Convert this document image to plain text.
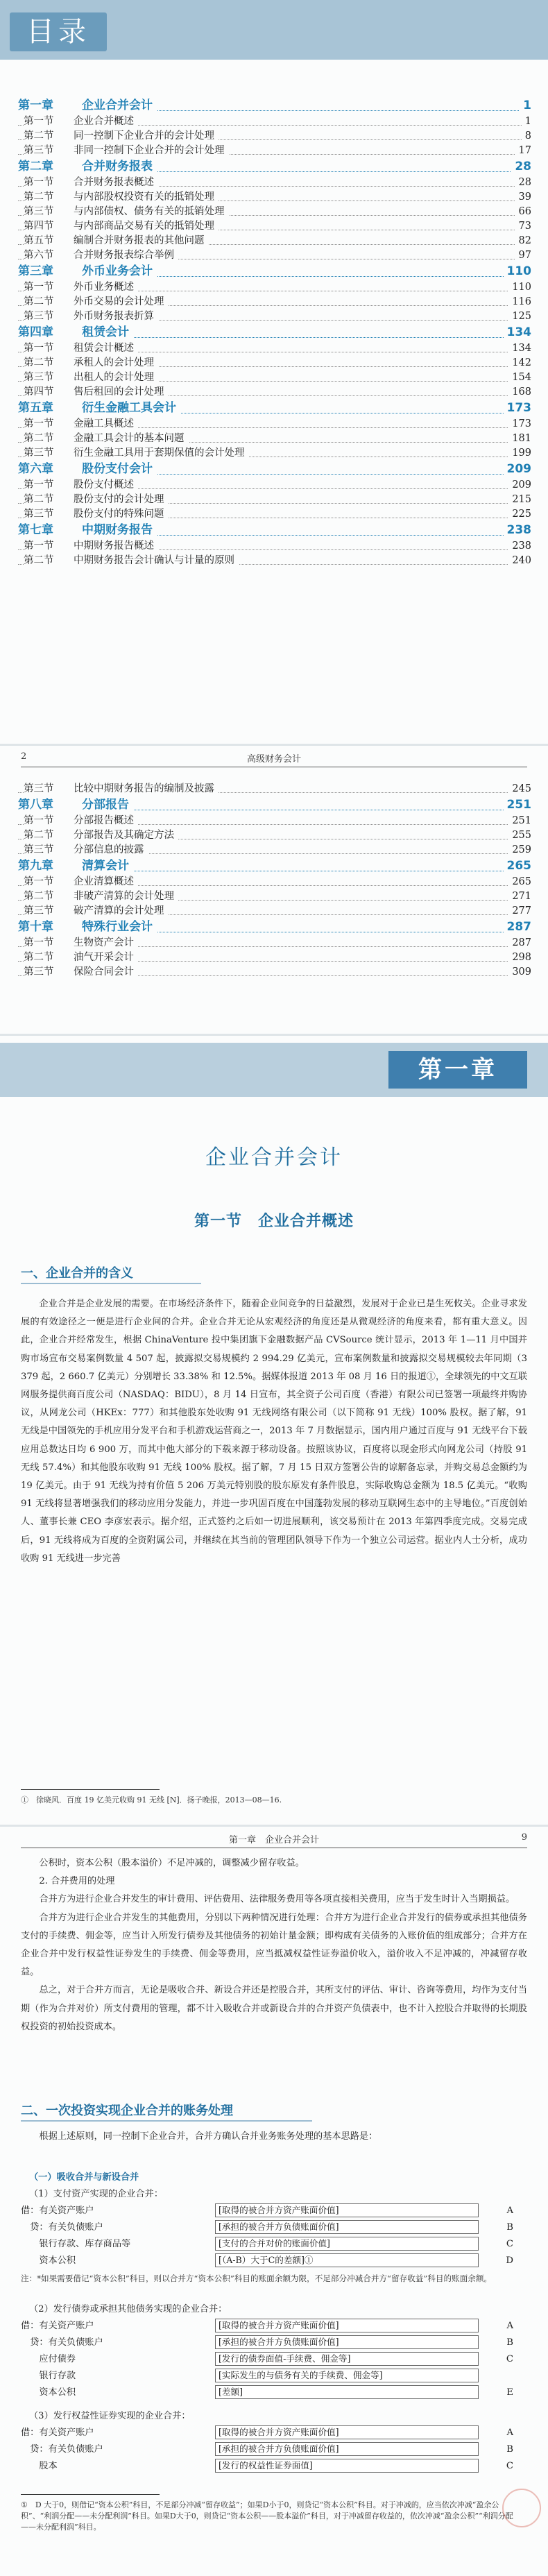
目录
第一章 企业合并会计	1
第一节 企业合并概述	1
第二节 同一控制下企业合并的会计处理	8
第三节 非同一控制下企业合并的会计处理	17
第二章 合并财务报表	28
第一节 合并财务报表概述	28
第二节 与内部股权投资有关的抵销处理	39
第三节 与内部债权、债务有关的抵销处理	66
第四节 与内部商品交易有关的抵销处理	73
第五节 编制合并财务报表的其他问题	82
第六节 合并财务报表综合举例	97
第三章 外币业务会计	110
第一节 外币业务概述	110
第二节 外币交易的会计处理	116
第三节 外币财务报表折算	125
第四章 租赁会计	134
第一节 租赁会计概述	134
第二节 承租人的会计处理	142
第三节 出租人的会计处理	154
第四节 售后租回的会计处理	168
第五章 衍生金融工具会计	173
第一节 金融工具概述	173
第二节 金融工具会计的基本问题	181
第三节 衍生金融工具用于套期保值的会计处理	199
第六章 股份支付会计	209
第一节 股份支付概述	209
第二节 股份支付的会计处理	215
第三节 股份支付的特殊问题	225
第七章 中期财务报告	238
第一节 中期财务报告概述	238
第二节 中期财务报告会计确认与计量的原则	240
2	高级财务会计
第三节 比较中期财务报告的编制及披露	245
第八章 分部报告	251
第一节 分部报告概述	251
第二节 分部报告及其确定方法	255
第三节 分部信息的披露	259
第九章 清算会计	265
第一节 企业清算概述	265
第二节 非破产清算的会计处理	271
第三节 破产清算的会计处理	277
第十章 特殊行业会计	287
第一节 生物资产会计	287
第二节 油气开采会计	298
第三节 保险合同会计	309
第一章
企业合并会计
第一节　企业合并概述
一、企业合并的含义

企业合并是企业发展的需要。在市场经济条件下，随着企业间竞争的日益激烈，发展对于企业已是生死攸关。企业寻求发展的有效途径之一便是进行企业间的合并。企业合并无论从宏观经济的角度还是从微观经济的角度来看，都有重大意义。因此，企业合并经常发生，根据 ChinaVenture 投中集团旗下金融数据产品 CVSource 统计显示，2013 年 1—11 月中国并购市场宣布交易案例数量 4 507 起，披露拟交易规模约 2 994.29 亿美元，宣布案例数量和披露拟交易规模较去年同期（3 379 起，2 660.7 亿美元）分别增长 33.38% 和 12.5%。据媒体报道 2013 年 08 月 16 日的报道①，全球领先的中文互联网服务提供商百度公司（NASDAQ：BIDU），8 月 14 日宣布，其全资子公司百度（香港）有限公司已签署一项最终并购协议，从网龙公司（HKEx：777）和其他股东处收购 91 无线网络有限公司（以下简称 91 无线）100% 股权。据了解，91 无线是中国领先的手机应用分发平台和手机游戏运营商之一，2013 年 7 月数据显示，国内用户通过百度与 91 无线平台下载应用总数达日均 6 900 万，而其中他大部分的下载来源于移动设备。按照该协议，百度将以现金形式向网龙公司（持股 91 无线 57.4%）和其他股东收购 91 无线 100% 股权。据了解，7 月 15 日双方签署公告的谅解备忘录，并购交易总金额约为 19 亿美元。由于 91 无线为持有价值 5 206 万美元特别股的股东原发有条件股息，实际收购总金额为 18.5 亿美元。“收购 91 无线将显著增强我们的移动应用分发能力，并进一步巩固百度在中国蓬勃发展的移动互联网生态中的主导地位。”百度创始人、董事长兼 CEO 李彦宏表示。据介绍，正式签约之后如一切进展顺利，该交易预计在 2013 年第四季度完成。交易完成后，91 无线将成为百度的全资附属公司，并继续在其当前的管理团队领导下作为一个独立公司运营。据业内人士分析，成功收购 91 无线进一步完善

①　徐晓风．百度 19 亿美元收购 91 无线 [N]．扬子晚报，2013—08—16.
第一章　企业合并会计	9

公积时，资本公积（股本溢价）不足冲减的，调整减少留存收益。

2. 合并费用的处理

合并方为进行企业合并发生的审计费用、评估费用、法律服务费用等各项直接相关费用，应当于发生时计入当期损益。

合并方为进行企业合并发生的其他费用，分别以下两种情况进行处理：合并方为进行企业合并发行的债券或承担其他债务支付的手续费、佣金等，应当计入所发行债券及其他债务的初始计量金额；即构成有关债务的入账价值的组成部分；合并方在企业合并中发行权益性证券发生的手续费、佣金等费用，应当抵减权益性证券溢价收入，溢价收入不足冲减的，冲减留存收益。

总之，对于合并方而言，无论是吸收合并、新设合并还是控股合并，其所支付的评估、审计、咨询等费用，均作为支付当期（作为合并对价）所支付费用的管理，都不计入吸收合并或新设合并的合并资产负债表中，也不计入控股合并取得的长期股权投资的初始投资成本。

二、一次投资实现企业合并的账务处理

根据上述原则，同一控制下企业合并，合并方确认合并业务账务处理的基本思路是：

（一）吸收合并与新设合并
（1）支付资产实现的企业合并：
借：有关资产账户	[取得的被合并方资产账面价值]	A
　贷：有关负债账户	[承担的被合并方负债账面价值]	B
　　银行存款、库存商品等	[支付的合并对价的账面价值]	C
　　资本公积	[（A-B）大于C的差额]①	D
注：*如果需要借记“资本公积”科目，则以合并方“资本公积”科目的账面余额为限，不足部分冲减合并方“留存收益”科目的账面余额。
（2）发行债券或承担其他债务实现的企业合并：
借：有关资产账户	[取得的被合并方资产账面价值]	A
　贷：有关负债账户	[承担的被合并方负债账面价值]	B
　　应付债券	[发行的债券面值-手续费、佣金等]	C
　　银行存款	[实际发生的与债务有关的手续费、佣金等]
　　资本公积	[差额]	E
（3）发行权益性证券实现的企业合并：
借：有关资产账户	[取得的被合并方资产账面价值]	A
　贷：有关负债账户	[承担的被合并方负债账面价值]	B
　　股本	[发行的权益性证券面值]	C
①　D 大于0，则借记“资本公积”科目，不足部分冲减“留存收益”；如果D小于0，则贷记“资本公积”科目。对于冲减的，应当依次冲减“盈余公积”、“利润分配——未分配利润”科目。如果D大于0，则贷记“资本公积——股本溢价”科目，对于冲减留存收益的，依次冲减“盈余公积”“利润分配——未分配利润”科目。
